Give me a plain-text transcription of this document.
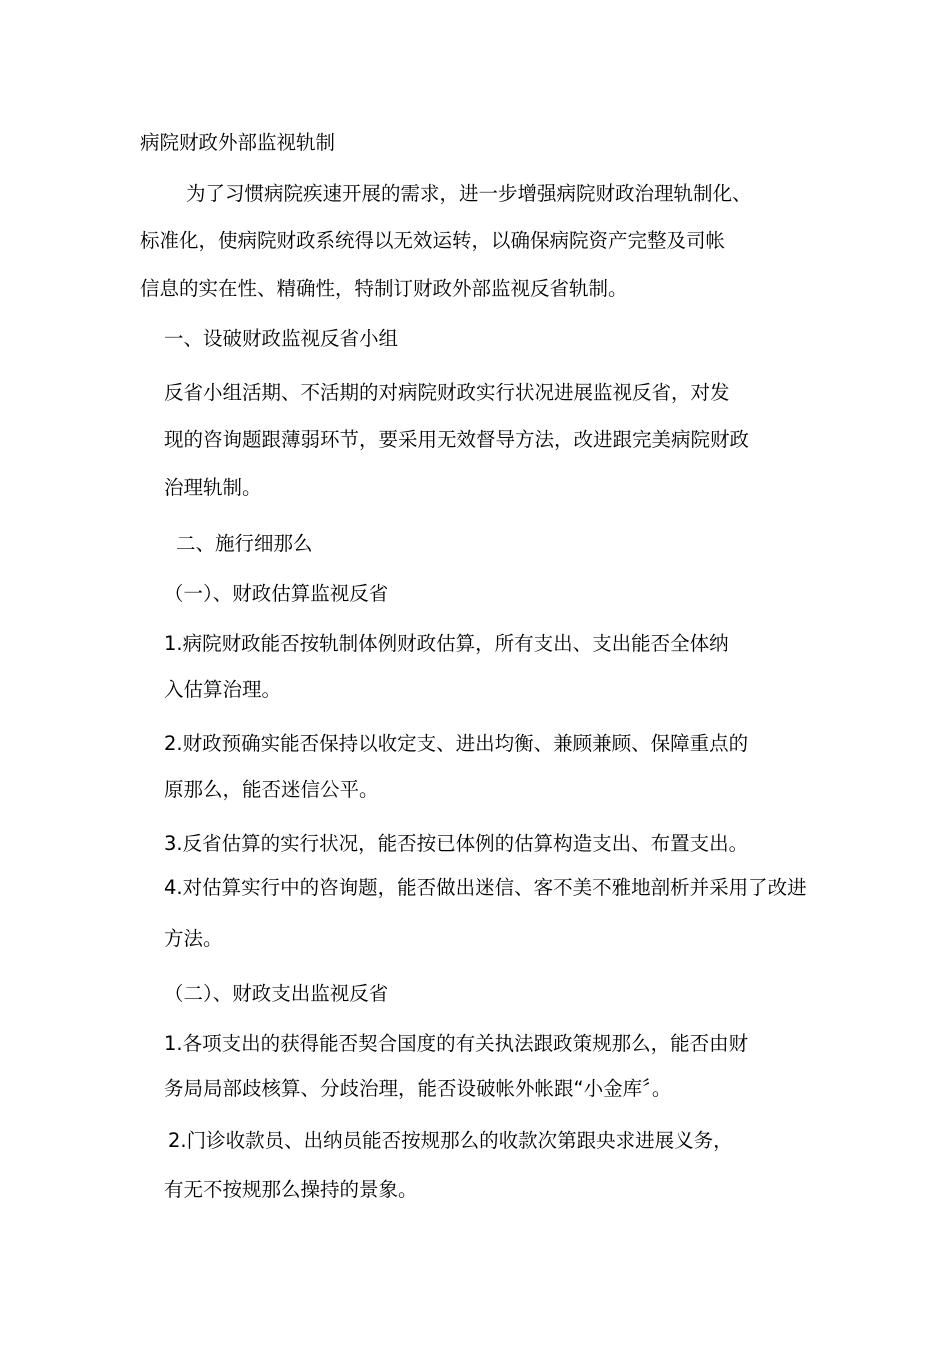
病院财政外部监视轨制
为了习惯病院疾速开展的需求，进一步增强病院财政治理轨制化、
标准化，使病院财政系统得以无效运转，以确保病院资产完整及司帐
信息的实在性、精确性，特制订财政外部监视反省轨制。
一、设破财政监视反省小组
反省小组活期、不活期的对病院财政实行状况进展监视反省，对发
现的咨询题跟薄弱环节，要采用无效督导方法，改进跟完美病院财政
治理轨制。
二、施行细那么
（一）、财政估算监视反省
1.病院财政能否按轨制体例财政估算，所有支出、支出能否全体纳
入估算治理。
2.财政预确实能否保持以收定支、进出均衡、兼顾兼顾、保障重点的
原那么，能否迷信公平。
3.反省估算的实行状况，能否按已体例的估算构造支出、布置支出。
4.对估算实行中的咨询题，能否做出迷信、客不美不雅地剖析并采用了改进
方法。
（二）、财政支出监视反省
1.各项支出的获得能否契合国度的有关执法跟政策规那么，能否由财
务局局部歧核算、分歧治理，能否设破帐外帐跟“小金库〞。
2.门诊收款员、出纳员能否按规那么的收款次第跟央求进展义务，
有无不按规那么操持的景象。
